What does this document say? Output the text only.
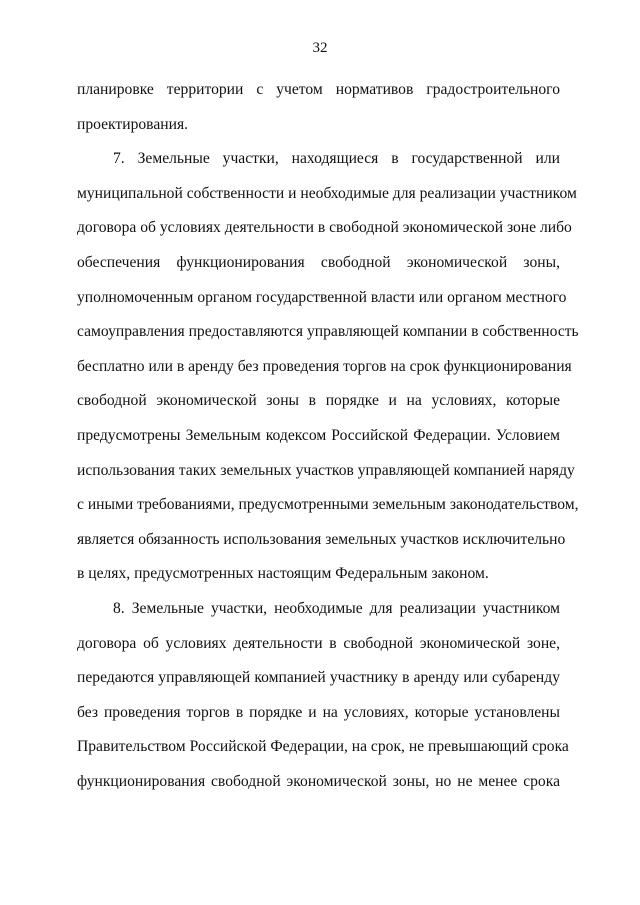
32
планировке территории с учетом нормативов градостроительного
проектирования.
7. Земельные участки, находящиеся в государственной или
муниципальной собственности и необходимые для реализации участником
договора об условиях деятельности в свободной экономической зоне либо
обеспечения функционирования свободной экономической зоны,
уполномоченным органом государственной власти или органом местного
самоуправления предоставляются управляющей компании в собственность
бесплатно или в аренду без проведения торгов на срок функционирования
свободной экономической зоны в порядке и на условиях, которые
предусмотрены Земельным кодексом Российской Федерации. Условием
использования таких земельных участков управляющей компанией наряду
с иными требованиями, предусмотренными земельным законодательством,
является обязанность использования земельных участков исключительно
в целях, предусмотренных настоящим Федеральным законом.
8. Земельные участки, необходимые для реализации участником
договора об условиях деятельности в свободной экономической зоне,
передаются управляющей компанией участнику в аренду или субаренду
без проведения торгов в порядке и на условиях, которые установлены
Правительством Российской Федерации, на срок, не превышающий срока
функционирования свободной экономической зоны, но не менее срока
